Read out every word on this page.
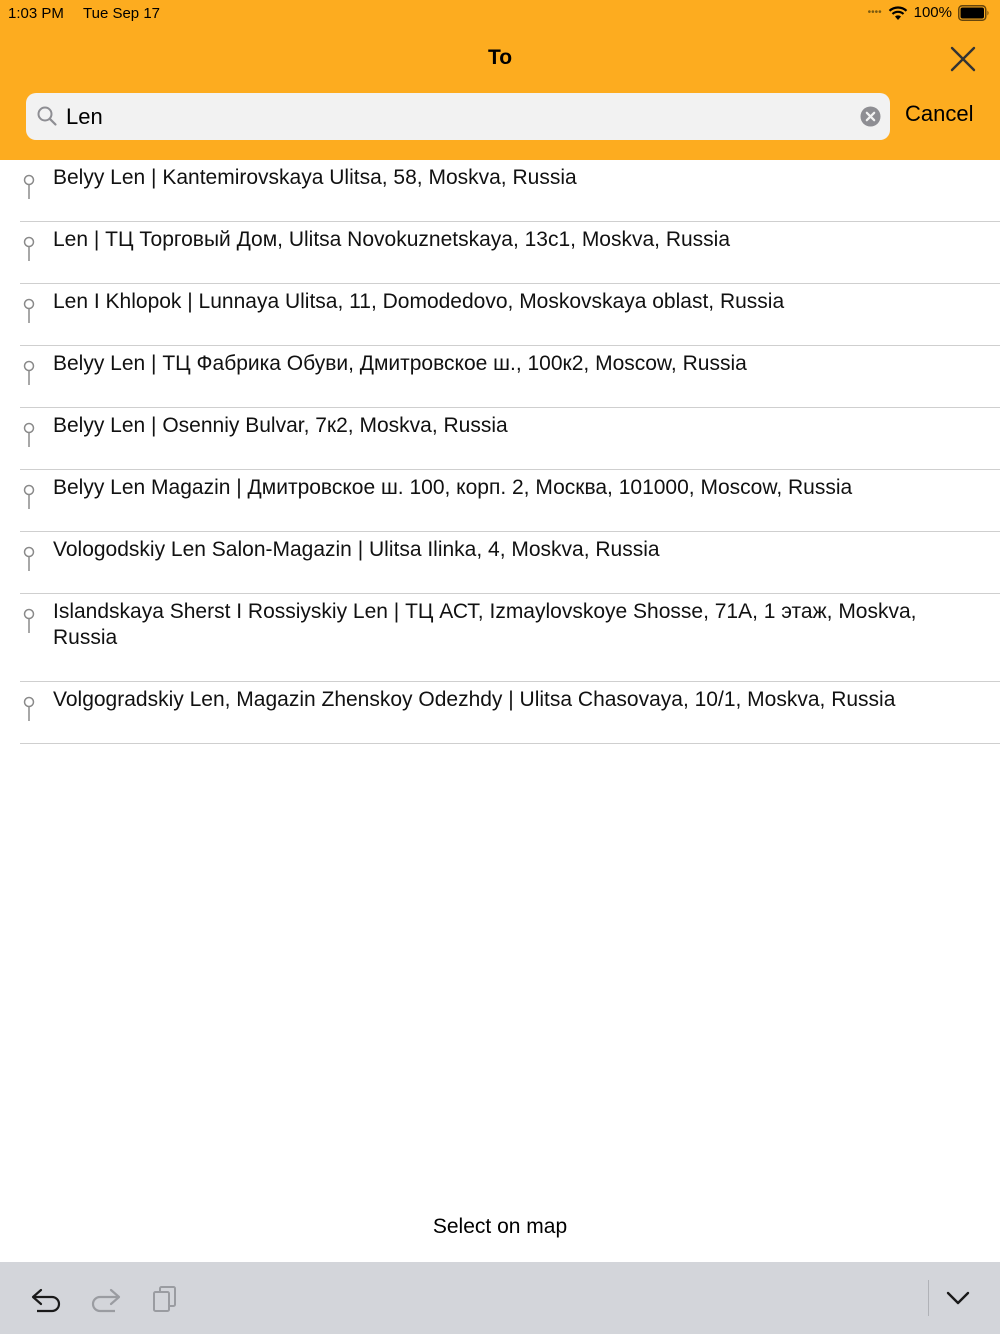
1:03 PM Tue Sep 17	•••• 100%
To
Len
Cancel
Belyy Len | Kantemirovskaya Ulitsa, 58, Moskva, Russia
Len | ТЦ Торговый Дом, Ulitsa Novokuznetskaya, 13c1, Moskva, Russia
Len I Khlopok | Lunnaya Ulitsa, 11, Domodedovo, Moskovskaya oblast, Russia
Belyy Len | ТЦ Фабрика Обуви, Дмитровское ш., 100к2, Moscow, Russia
Belyy Len | Osenniy Bulvar, 7к2, Moskva, Russia
Belyy Len Magazin | Дмитровское ш. 100, корп. 2, Москва, 101000, Moscow, Russia
Vologodskiy Len Salon-Magazin | Ulitsa Ilinka, 4, Moskva, Russia
Islandskaya Sherst I Rossiyskiy Len | ТЦ АСТ, Izmaylovskoye Shosse, 71A, 1 этаж, Moskva, Russia
Volgogradskiy Len, Magazin Zhenskoy Odezhdy | Ulitsa Chasovaya, 10/1, Moskva, Russia
Select on map
